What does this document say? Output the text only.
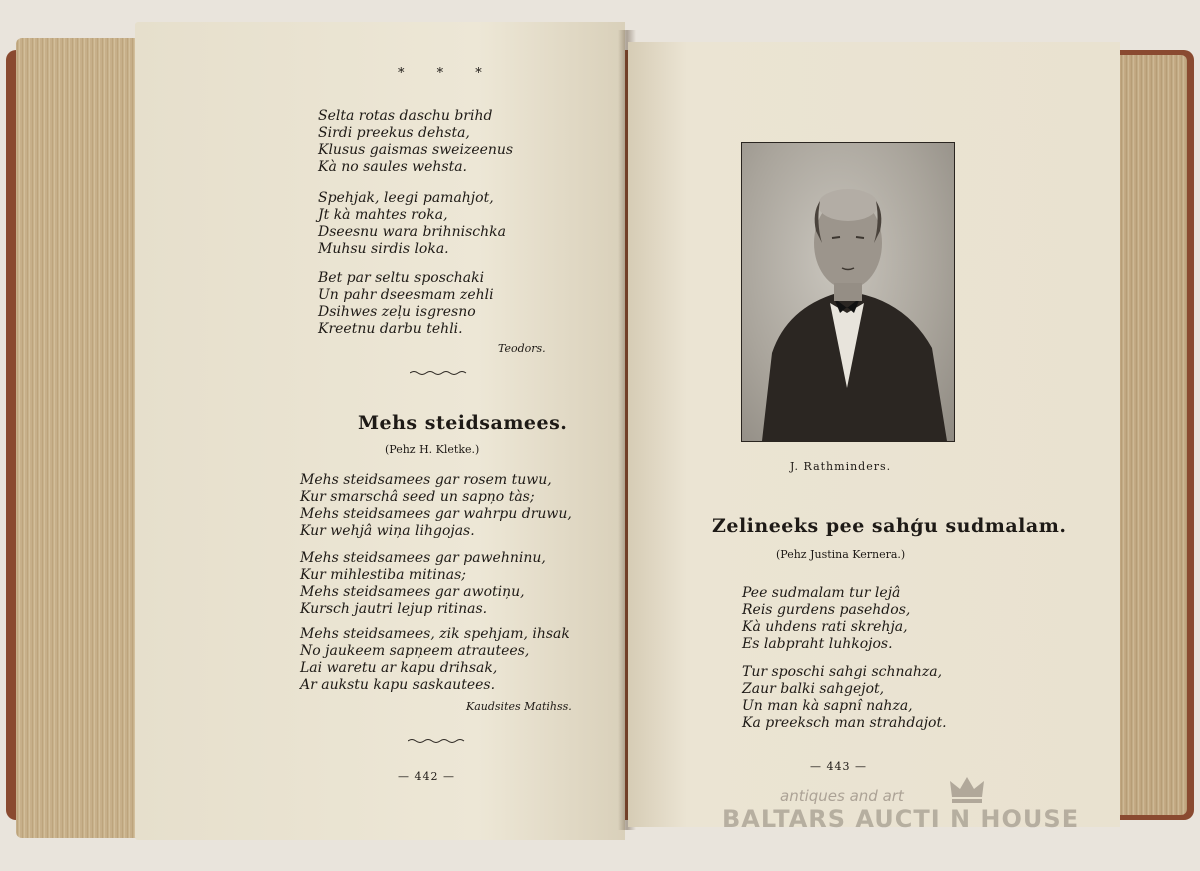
* * *
Selta rotas daschu brihd
Sirdi preekus dehsta,
Klusus gaismas sweizeenus
Kà no saules wehsta.
Spehjak, leegi pamahjot,
Jt kà mahtes roka,
Dseesnu wara brihnischka
Muhsu sirdis loka.
Bet par seltu sposchaki
Un pahr dseesmam zehli
Dsihwes zeļu isgresno
Kreetnu darbu tehli.
Teodors.
Mehs steidsamees.
(Pehz H. Kletke.)
Mehs steidsamees gar rosem tuwu,
Kur smarschâ seed un sapņo tàs;
Mehs steidsamees gar wahrpu druwu,
Kur wehjâ wiņa lihgojas.
Mehs steidsamees gar pawehninu,
Kur mihlestiba mitinas;
Mehs steidsamees gar awotiņu,
Kursch jautri lejup ritinas.
Mehs steidsamees, zik spehjam, ihsak
No jaukeem sapņeem atrautees,
Lai waretu ar kapu drihsak,
Ar aukstu kapu saskautees.
Kaudsites Matihss.
— 442 —
J. Rathminders.
Zelineeks pee sahģu sudmalam.
(Pehz Justina Kernera.)
Pee sudmalam tur lejâ
Reis gurdens pasehdos,
Kà uhdens rati skrehja,
Es labpraht luhkojos.
Tur sposchi sahgi schnahza,
Zaur balki sahgejot,
Un man kà sapnî nahza,
Ka preeksch man strahdajot.
— 443 —
antiques and art
BALTARS AUCTI N HOUSE
